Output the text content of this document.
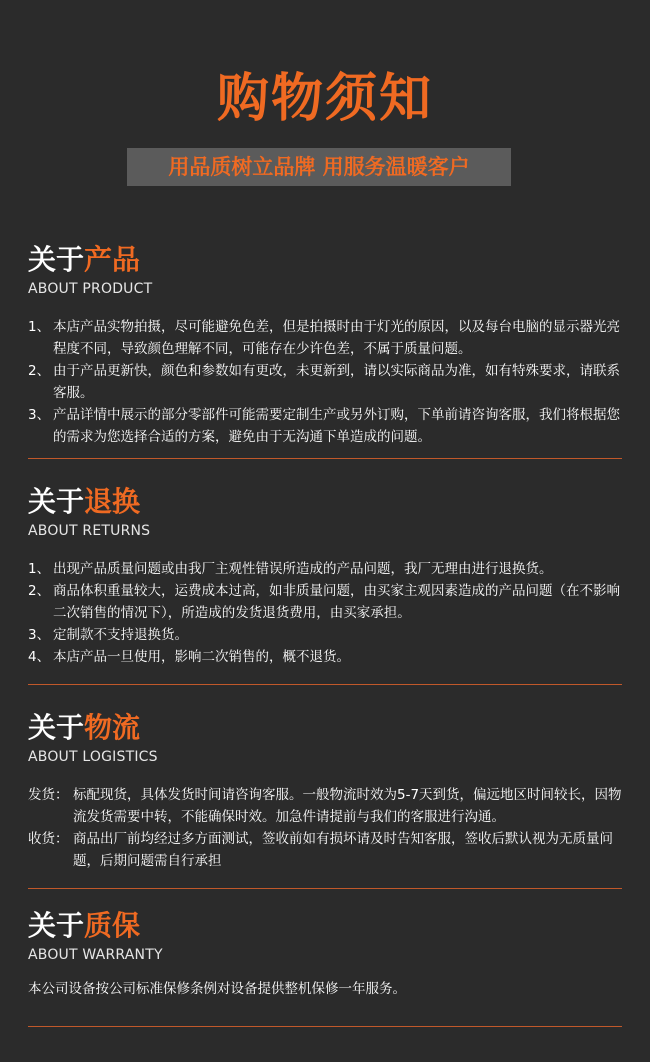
购物须知
用品质树立品牌 用服务温暖客户
关于产品
ABOUT PRODUCT
1、 本店产品实物拍摄，尽可能避免色差，但是拍摄时由于灯光的原因，以及每台电脑的显示器光亮程度不同，导致颜色理解不同，可能存在少许色差，不属于质量问题。
2、 由于产品更新快，颜色和参数如有更改，未更新到，请以实际商品为准，如有特殊要求，请联系客服。
3、 产品详情中展示的部分零部件可能需要定制生产或另外订购，下单前请咨询客服，我们将根据您的需求为您选择合适的方案，避免由于无沟通下单造成的问题。
关于退换
ABOUT RETURNS
1、 出现产品质量问题或由我厂主观性错误所造成的产品问题，我厂无理由进行退换货。
2、 商品体积重量较大，运费成本过高，如非质量问题，由买家主观因素造成的产品问题（在不影响二次销售的情况下），所造成的发货退货费用，由买家承担。
3、 定制款不支持退换货。
4、 本店产品一旦使用，影响二次销售的，概不退货。
关于物流
ABOUT LOGISTICS
发货： 标配现货，具体发货时间请咨询客服。一般物流时效为5-7天到货，偏远地区时间较长，因物流发货需要中转，不能确保时效。加急件请提前与我们的客服进行沟通。
收货： 商品出厂前均经过多方面测试，签收前如有损坏请及时告知客服，签收后默认视为无质量问题，后期问题需自行承担
关于质保
ABOUT WARRANTY
本公司设备按公司标准保修条例对设备提供整机保修一年服务。
